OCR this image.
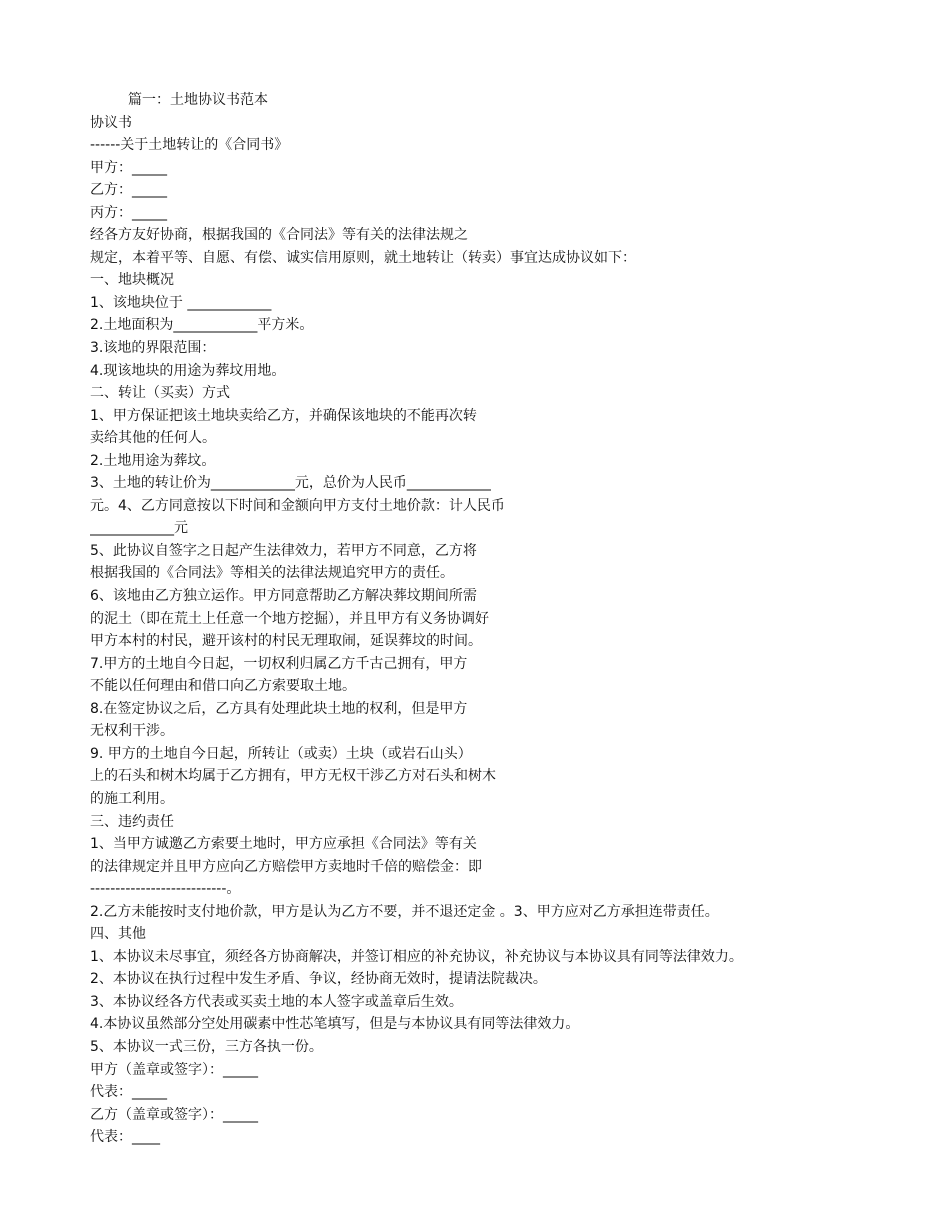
篇一：土地协议书范本
协议书
------关于土地转让的《合同书》
甲方：_____
乙方：_____
丙方：_____
经各方友好协商，根据我国的《合同法》等有关的法律法规之
规定，本着平等、自愿、有偿、诚实信用原则，就土地转让（转卖）事宜达成协议如下：
一、地块概况
1、该地块位于 ____________
2.土地面积为____________平方米。
3.该地的界限范围：
4.现该地块的用途为葬坟用地。
二、转让（买卖）方式
1、甲方保证把该土地块卖给乙方，并确保该地块的不能再次转
卖给其他的任何人。
2.土地用途为葬坟。
3、土地的转让价为____________元，总价为人民币____________
元。4、乙方同意按以下时间和金额向甲方支付土地价款：计人民币
____________元
5、此协议自签字之日起产生法律效力，若甲方不同意，乙方将
根据我国的《合同法》等相关的法律法规追究甲方的责任。
6、该地由乙方独立运作。甲方同意帮助乙方解决葬坟期间所需
的泥土（即在荒土上任意一个地方挖掘），并且甲方有义务协调好
甲方本村的村民，避开该村的村民无理取闹，延误葬坟的时间。
7.甲方的土地自今日起，一切权利归属乙方千古己拥有，甲方
不能以任何理由和借口向乙方索要取土地。
8.在签定协议之后，乙方具有处理此块土地的权利，但是甲方
无权利干涉。
9. 甲方的土地自今日起，所转让（或卖）土块（或岩石山头）
上的石头和树木均属于乙方拥有，甲方无权干涉乙方对石头和树木
的施工利用。
三、违约责任
1、当甲方诚邀乙方索要土地时，甲方应承担《合同法》等有关
的法律规定并且甲方应向乙方赔偿甲方卖地时千倍的赔偿金：即
---------------------------。
2.乙方未能按时支付地价款，甲方是认为乙方不要，并不退还定金 。3、甲方应对乙方承担连带责任。
四、其他
1、本协议未尽事宜，须经各方协商解决，并签订相应的补充协议，补充协议与本协议具有同等法律效力。
2、本协议在执行过程中发生矛盾、争议，经协商无效时，提请法院裁决。
3、本协议经各方代表或买卖土地的本人签字或盖章后生效。
4.本协议虽然部分空处用碳素中性芯笔填写，但是与本协议具有同等法律效力。
5、本协议一式三份，三方各执一份。
甲方（盖章或签字）：_____
代表：_____
乙方（盖章或签字）：_____
代表：____
